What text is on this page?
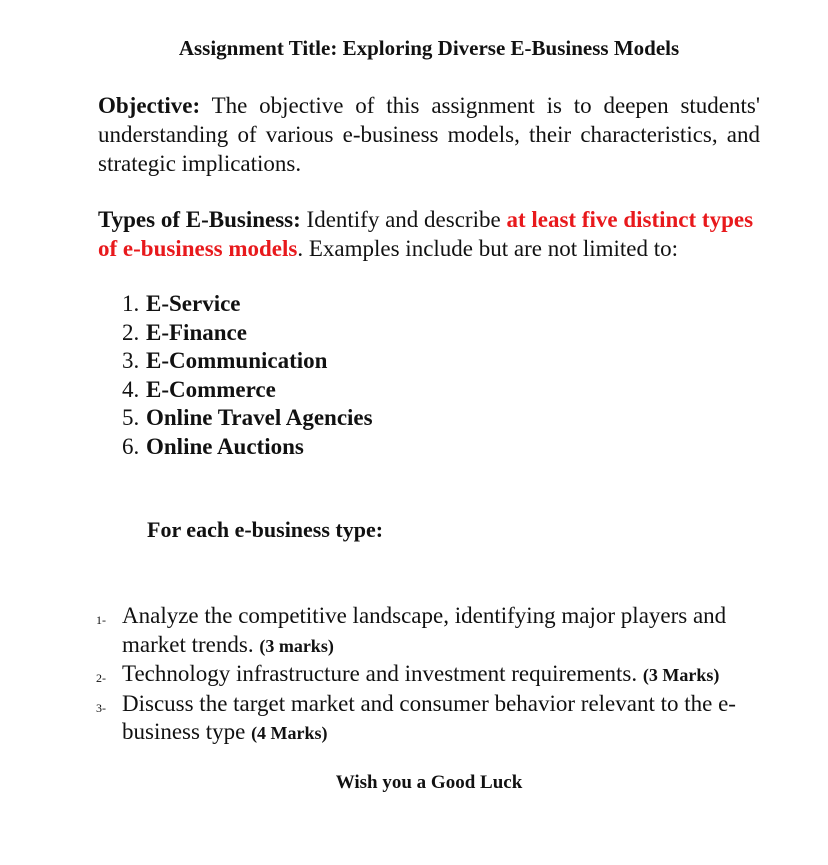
Assignment Title: Exploring Diverse E-Business Models
Objective: The objective of this assignment is to deepen students' understanding of various e-business models, their characteristics, and strategic implications.
Types of E-Business: Identify and describe at least five distinct types of e-business models. Examples include but are not limited to:
1. E-Service
2. E-Finance
3. E-Communication
4. E-Commerce
5. Online Travel Agencies
6. Online Auctions
For each e-business type:
1- Analyze the competitive landscape, identifying major players and market trends. (3 marks)
2- Technology infrastructure and investment requirements. (3 Marks)
3- Discuss the target market and consumer behavior relevant to the e-business type (4 Marks)
Wish you a Good Luck
